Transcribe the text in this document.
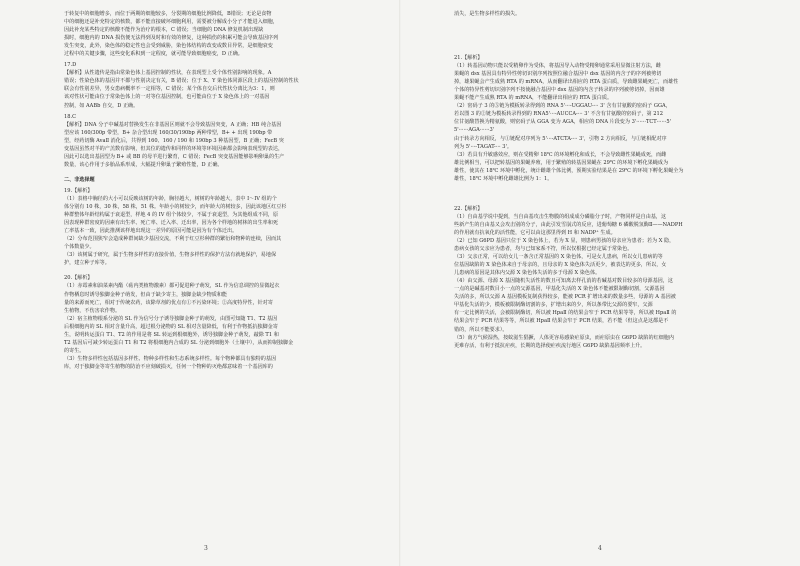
于转复中的细胞增多，而位于两期的细胞较多，分裂期的细胞比例降低，B错误；无论是食物

中的细胞还是补充特定的核数，都不能直接破坏细胞利用，需要被分解成小分子才能进入细胞，

因此补充某些特定的核酸不能作为治疗的根本，C 错误；当细胞的 DNA 修复机制出现缺

损时，细胞内的 DNA 损伤便无法得到及时和有效的修复，这种损伤的积累可能会导致基因序列

发生突变，此外，染色体的稳定性也会受到威胁，染色体结构的改变或数目异常，是细胞衰变

过程中的关键步骤，这些变化系积到一定程度，就可能导致细胞癌变，D 正确。

17.D

【解析】从性遗传是指由常染色体上基因控制的性状，在表现型上受个体性别影响的现象。A

错误；性染色体的基因并不都与性别决定有关，B 错误；位于 X、Y 染色体同源区段上的基因控制的性状

联会有性别差异，男女患病概率不一定相等，C 错误；某个体自交后代性状分离比为3：1，则

该对性状可能由位于常染色体上的一对等位基因控制，也可能由位于 X 染色体上的一对基因

控制，如 AABb 自交，D 正确。

18.C

【解析】DNA 分子中碱基对替换发生在非基因区则就不会导致基因突变，A 正确；HB 纯合基因

型应该 160/300p 带型，B+ 杂合型出现 160/30/190bp 两种带型，B+ + 出现 190bp 带

型，经药切酶 AvaⅡ 消化后，共得到 160、160 / 190 和 190bp 3 种基因型，B 正确；FecB 突

变基因虽然对羊的产羔数有影响，但其位的遗传和同样的环境等环境因素都会影响表现型的表达，

因此可以选出基因型为 B+ 或 BB 的母羊进行繁育，C 错误；FecB 突变基因能够影响卵巢的生产

数量，该心作用于多胎品系形成，大幅提升卵巢子繁殖性能，D 正确。

二、非选择题

19.【解析】

（1）表格中胸径的大小可以反映该树的年龄，胸径越大，树树的年龄越大，表中 I～IV 组的个

体分别有 10 株，30 株，58 株，51 株。年龄小的树较少，而年龄大的树较多，因此该地区红豆杉

种群整体年龄结构属于衰退型，样地 4 的 IV 组个体较少，不属于衰退型，为其他组成不同，原

因表现种群密度的因素有出生率、死亡率、迁入率、迁出率，因为各个样地的树林的出生率和死

亡率基本一致，因此推测该样地出现这一差异的原因可能是因为有个体迁出。

（2）分布范围狭窄会造成种群间缺少基因交流，不利于红豆杉种群的繁衍和物种的连续，因而其

个体数量少。

（3）该树属于研究，属于生物多样性的直接价值，生物多样性的保护方法有就地保护，易地保

护，建立种子库等。

20.【解析】

（1）赤霉素和油菜素内酯（萜内类植物激素）都可促进种子萌发，SL 作为信息调控的显微起衣

作物栖息时诱导独脚金种子萌发，但由于缺少寄主，独脚金缺少物质和能

量的来源而死亡，相对于传统农药，该除草剂的优点有①不污染环境；②高度特异性，针对寄

生植物，不伤害农作物。

（2）宿主植物根系分泌的 SL 作为信号分子诱导独脚金种子的萌发，由图可知随 T1、T2 基因

后根细胞内的 SL 相对含量升高，超过根分泌物的 SL 相对含量降低，有利于作物抵抗独脚金寄

生，说明转运蛋白 T1、T2 的作用是将 SL 转运到根细胞外，诱导独脚金种子萌发，敲除 T1 和

T2 基因后可减少转运蛋白 T1 和 T2 将根细胞内合成的 SL 分泌到细胞外（土壤中），从而抑制独脚金

的寄生。

（3）生物多样性包括基因多样性、物种多样性和生态系统多样性。每个物种都具有独特的基因

库，对于独脚金等寄生植物的防治不应刻破损灭，任何一个物种的灭绝都意味着一个基因库的

3

消失，是生物多样性的损失。

21.【解析】

（1）转基因动物只能以受精卵作为受体，将基因导入动物受精卵通常采用显微注射方法，雌

果蝇的 dsx 基因具有特异性剪切识别序列按照位融合基因中 dsx 基因的内含子的序列被剪切

掉，雄果蝇会产生成熟 RTA 的 mRNA，从而翻译出相应的 RTA 蛋白质，导致雌果蝇死亡，而雄性

个体的特异性剪切识别序列不按使融合基因中 dsx 基因的内含子转录的序列被剪切掉，因而雄

果蝇不能产生成熟 RTA 的 mRNA，不能翻译出相应的 RTA 蛋白质。

（2）密码子 3 的⑤链为模板转录得到的 RNA 5'···-UGGAU-··· 3' 含有甘氨酸的密码子 GGA，

若以图 3 的②链为模板转录得到的 RNA5'···-AUCCA-··· 3' 不含有甘氨酸的密码子，第 212

位甘氨酸替换为精氨酸，则密码子从 GGA 变为 AGA，相应的 DNA 片段变为 3'······TCT······5'

5'······AGA······3'

由于转录方向相反，与①链配对序列为 5'···-ATCTA-··· 3'，引物 2 方向相反，与①链相配对序

列为 5'···-TAGAT-··· 3'。

（3）若具有升敏感效应，则在受精卵 18℃ 的环境孵化和成长，不会导致雌性果蝇成死，而雌

雄比例相当，可以把转基因的果蝇养殖，用于繁殖的转基因果蝇在 29℃ 的环境下孵化果蝇成为

雄性，使其在 18℃ 环境中孵化，统计雌雄个体比例，预期实验结果是在 29℃ 的环境下孵化果蝇全为

雄性，18℃ 环境中孵化雌雄比例为 1：1。

22.【解析】

（1）自由基学说中提到，当自由基攻击生物膜的组成成分磷脂分子时，产物同样是自由基，这

些新产生的自由基又会攻击别的分子，由此引发雪崩式的反应，进葡萄糖 6 磷酸脱氢酶Ⅱ——NADPH

的作用就有抗氧化的活性能，它可以由这那里得到 H 和 NADP⁺ 生成。

（2）已知 G6PD 基因只位于 X 染色体上，若为 X 显，则患病男孩的母亲应为患者；若为 X 隐，

患病女孩的父亲应为患者，均与已知家系不符，所以仅根据已经定属于常染色。

（3）父亲正常，可以给女儿一条含正常基因的 X 染色体，可是女儿患病，所以女儿患病的等

位基因缺陷的 X 染色体来自于母亲的，且母亲的 X 染色体失活更少，被表达的更多，所以，女

儿患病的原因是其体内父源 X 染色体失活的多于母源 X 染色体。

（4）由父源、母源 X 基因随机失活性的数且可知离去样孔消的若碱基对数目较多的母源基因，这

一点的是碱基对数目小一点的父源基因，甲基化失活的 X 染色体不能被限制酶切割，父源基因

失活的多，所以父源 A 基因模板复制获得较多，能被 PCR 扩增出来的数量多些，母源的 A 基因被

甲基化失活的少，模板被限制酶切割的多，扩增出来的少，所以条带比父源的要窄，父源

有一定比例的失活，会被限制酶切，所以被 HpaⅡ 的结果会窄于 PCR 结果等等，所以被 HpaⅡ 的

结果会窄于 PCR 结果等等，所以被 HpaⅡ 结果会窄于 PCR 结果，若不能（但这点是这都是不

错的，所以不能要求）。

（5）南方气候湿热，按蚊滋生猖獗，人体更容易感染疟原虫，而疟原虫在 G6PD 缺陷的红细胞内

更难存活，有利于抵抗疟疾，长期的选择使疟疾流行地区 G6PD 缺陷基因频率上升。

4
